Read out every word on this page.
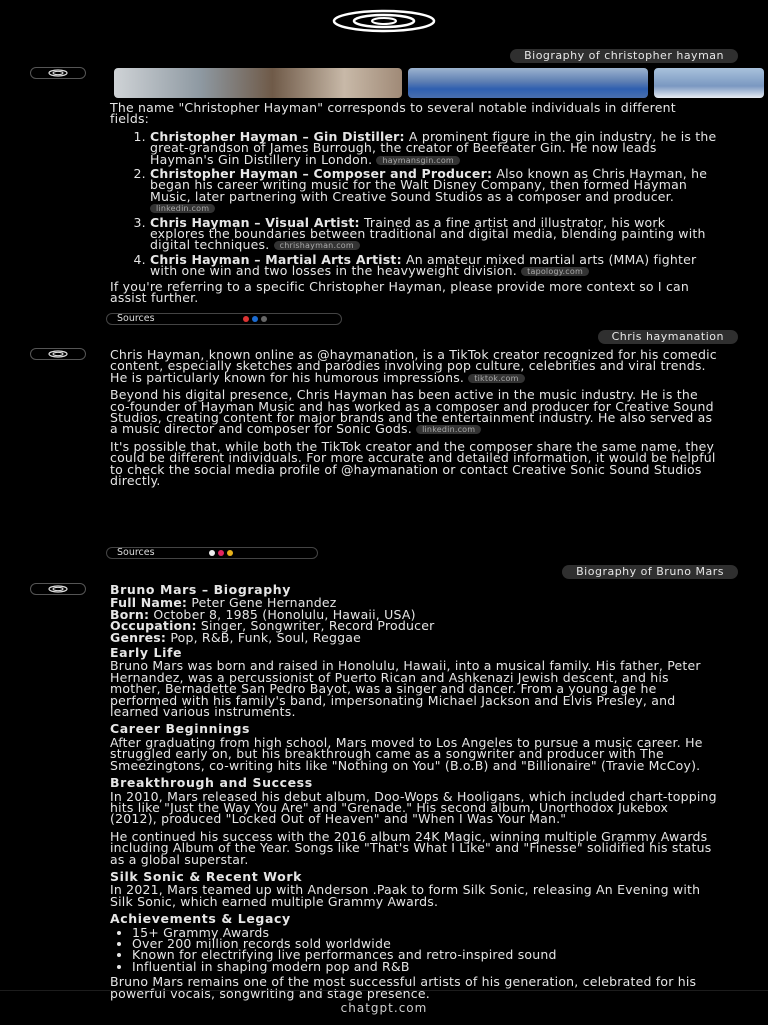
Biography of christopher hayman

The name "Christopher Hayman" corresponds to several notable individuals in different fields:

1. Christopher Hayman – Gin Distiller: A prominent figure in the gin industry, he is the great-grandson of James Burrough, the creator of Beefeater Gin. He now leads Hayman's Gin Distillery in London. haymansgin.com
2. Christopher Hayman – Composer and Producer: Also known as Chris Hayman, he began his career writing music for the Walt Disney Company, then formed Hayman Music, later partnering with Creative Sound Studios as a composer and producer. linkedin.com
3. Chris Hayman – Visual Artist: Trained as a fine artist and illustrator, his work explores the boundaries between traditional and digital media, blending painting with digital techniques. chrishayman.com
4. Chris Hayman – Martial Arts Artist: An amateur mixed martial arts (MMA) fighter with one win and two losses in the heavyweight division. tapology.com

If you're referring to a specific Christopher Hayman, please provide more context so I can assist further.

Sources
Chris haymanation

Chris Hayman, known online as @haymanation, is a TikTok creator recognized for his comedic content, especially sketches and parodies involving pop culture, celebrities and viral trends. He is particularly known for his humorous impressions. tiktok.com

Beyond his digital presence, Chris Hayman has been active in the music industry. He is the co-founder of Hayman Music and has worked as a composer and producer for Creative Sound Studios, creating content for major brands and the entertainment industry. He also served as a music director and composer for Sonic Gods. linkedin.com

It's possible that, while both the TikTok creator and the composer share the same name, they could be different individuals. For more accurate and detailed information, it would be helpful to check the social media profile of @haymanation or contact Creative Sonic Sound Studios directly.

Sources
Biography of Bruno Mars
Bruno Mars – Biography
Full Name: Peter Gene Hernandez
Born: October 8, 1985 (Honolulu, Hawaii, USA)
Occupation: Singer, Songwriter, Record Producer
Genres: Pop, R&B, Funk, Soul, Reggae
Early Life

Bruno Mars was born and raised in Honolulu, Hawaii, into a musical family. His father, Peter Hernandez, was a percussionist of Puerto Rican and Ashkenazi Jewish descent, and his mother, Bernadette San Pedro Bayot, was a singer and dancer. From a young age he performed with his family's band, impersonating Michael Jackson and Elvis Presley, and learned various instruments.

Career Beginnings

After graduating from high school, Mars moved to Los Angeles to pursue a music career. He struggled early on, but his breakthrough came as a songwriter and producer with The Smeezingtons, co-writing hits like "Nothing on You" (B.o.B) and "Billionaire" (Travie McCoy).

Breakthrough and Success

In 2010, Mars released his debut album, Doo-Wops & Hooligans, which included chart-topping hits like "Just the Way You Are" and "Grenade." His second album, Unorthodox Jukebox (2012), produced "Locked Out of Heaven" and "When I Was Your Man."

He continued his success with the 2016 album 24K Magic, winning multiple Grammy Awards including Album of the Year. Songs like "That's What I Like" and "Finesse" solidified his status as a global superstar.

Silk Sonic & Recent Work

In 2021, Mars teamed up with Anderson .Paak to form Silk Sonic, releasing An Evening with Silk Sonic, which earned multiple Grammy Awards.

Achievements & Legacy
• 15+ Grammy Awards
• Over 200 million records sold worldwide
• Known for electrifying live performances and retro-inspired sound
• Influential in shaping modern pop and R&B

Bruno Mars remains one of the most successful artists of his generation, celebrated for his powerful vocals, songwriting and stage presence.

chatgpt.com
